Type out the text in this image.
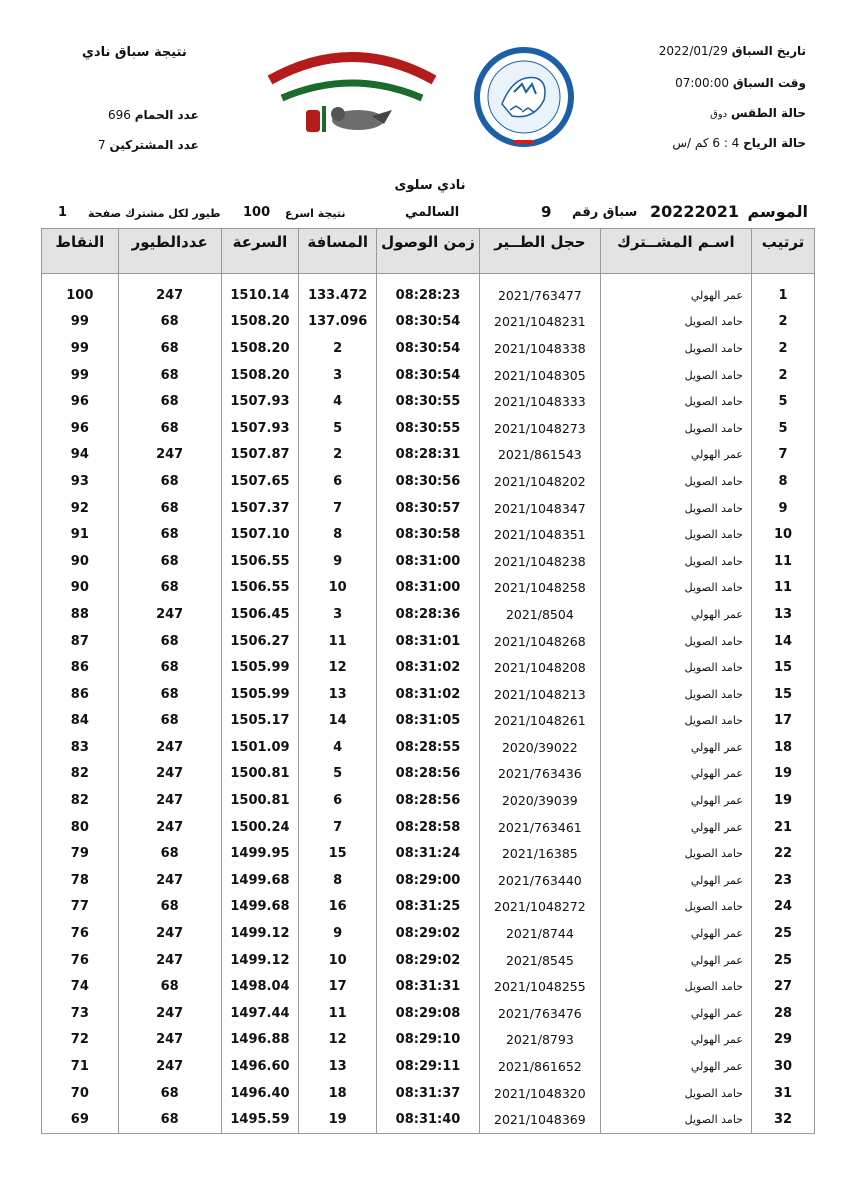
تاريخ السباق 2022/01/29
وقت السباق 07:00:00
حالة الطقس دوق
حالة الرياح 4 : 6 كم /س
نتيجة سباق نادي
عدد الحمام 696
عدد المشتركين 7
نادي سلوى
الموسم
20222021
سباق رقم
9
السالمي
نتيجة اسرع
100
طيور لكل مشترك صفحة
1
ترتيب	اسـم المشــترك	حجل الطــير	زمن الوصول	المسافة	السرعة	عددالطيور	النقاط

1	عمر الهولي	2021/763477	08:28:23	133.472	1510.14	247	100
2	حامد الصويل	2021/1048231	08:30:54	137.096	1508.20	68	99
2	حامد الصويل	2021/1048338	08:30:54	2	1508.20	68	99
2	حامد الصويل	2021/1048305	08:30:54	3	1508.20	68	99
5	حامد الصويل	2021/1048333	08:30:55	4	1507.93	68	96
5	حامد الصويل	2021/1048273	08:30:55	5	1507.93	68	96
7	عمر الهولي	2021/861543	08:28:31	2	1507.87	247	94
8	حامد الصويل	2021/1048202	08:30:56	6	1507.65	68	93
9	حامد الصويل	2021/1048347	08:30:57	7	1507.37	68	92
10	حامد الصويل	2021/1048351	08:30:58	8	1507.10	68	91
11	حامد الصويل	2021/1048238	08:31:00	9	1506.55	68	90
11	حامد الصويل	2021/1048258	08:31:00	10	1506.55	68	90
13	عمر الهولي	2021/8504	08:28:36	3	1506.45	247	88
14	حامد الصويل	2021/1048268	08:31:01	11	1506.27	68	87
15	حامد الصويل	2021/1048208	08:31:02	12	1505.99	68	86
15	حامد الصويل	2021/1048213	08:31:02	13	1505.99	68	86
17	حامد الصويل	2021/1048261	08:31:05	14	1505.17	68	84
18	عمر الهولي	2020/39022	08:28:55	4	1501.09	247	83
19	عمر الهولي	2021/763436	08:28:56	5	1500.81	247	82
19	عمر الهولي	2020/39039	08:28:56	6	1500.81	247	82
21	عمر الهولي	2021/763461	08:28:58	7	1500.24	247	80
22	حامد الصويل	2021/16385	08:31:24	15	1499.95	68	79
23	عمر الهولي	2021/763440	08:29:00	8	1499.68	247	78
24	حامد الصويل	2021/1048272	08:31:25	16	1499.68	68	77
25	عمر الهولي	2021/8744	08:29:02	9	1499.12	247	76
25	عمر الهولي	2021/8545	08:29:02	10	1499.12	247	76
27	حامد الصويل	2021/1048255	08:31:31	17	1498.04	68	74
28	عمر الهولي	2021/763476	08:29:08	11	1497.44	247	73
29	عمر الهولي	2021/8793	08:29:10	12	1496.88	247	72
30	عمر الهولي	2021/861652	08:29:11	13	1496.60	247	71
31	حامد الصويل	2021/1048320	08:31:37	18	1496.40	68	70
32	حامد الصويل	2021/1048369	08:31:40	19	1495.59	68	69
